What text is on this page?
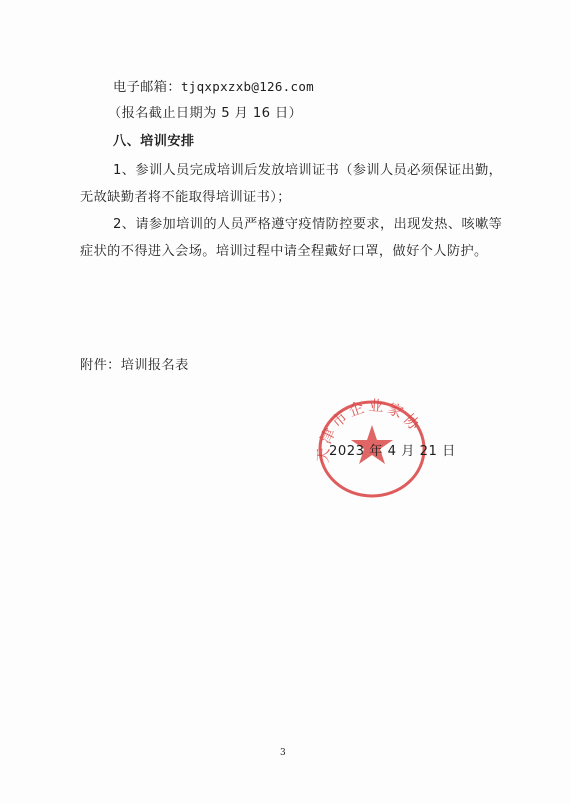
电子邮箱：tjqxpxzxb@126.com
（报名截止日期为 5 月 16 日）
八、培训安排
1、参训人员完成培训后发放培训证书（参训人员必须保证出勤，无故缺勤者将不能取得培训证书）；
2、请参加培训的人员严格遵守疫情防控要求，出现发热、咳嗽等症状的不得进入会场。培训过程中请全程戴好口罩，做好个人防护。
附件：培训报名表
天津市企业家协
2023 年 4 月 21 日
3
